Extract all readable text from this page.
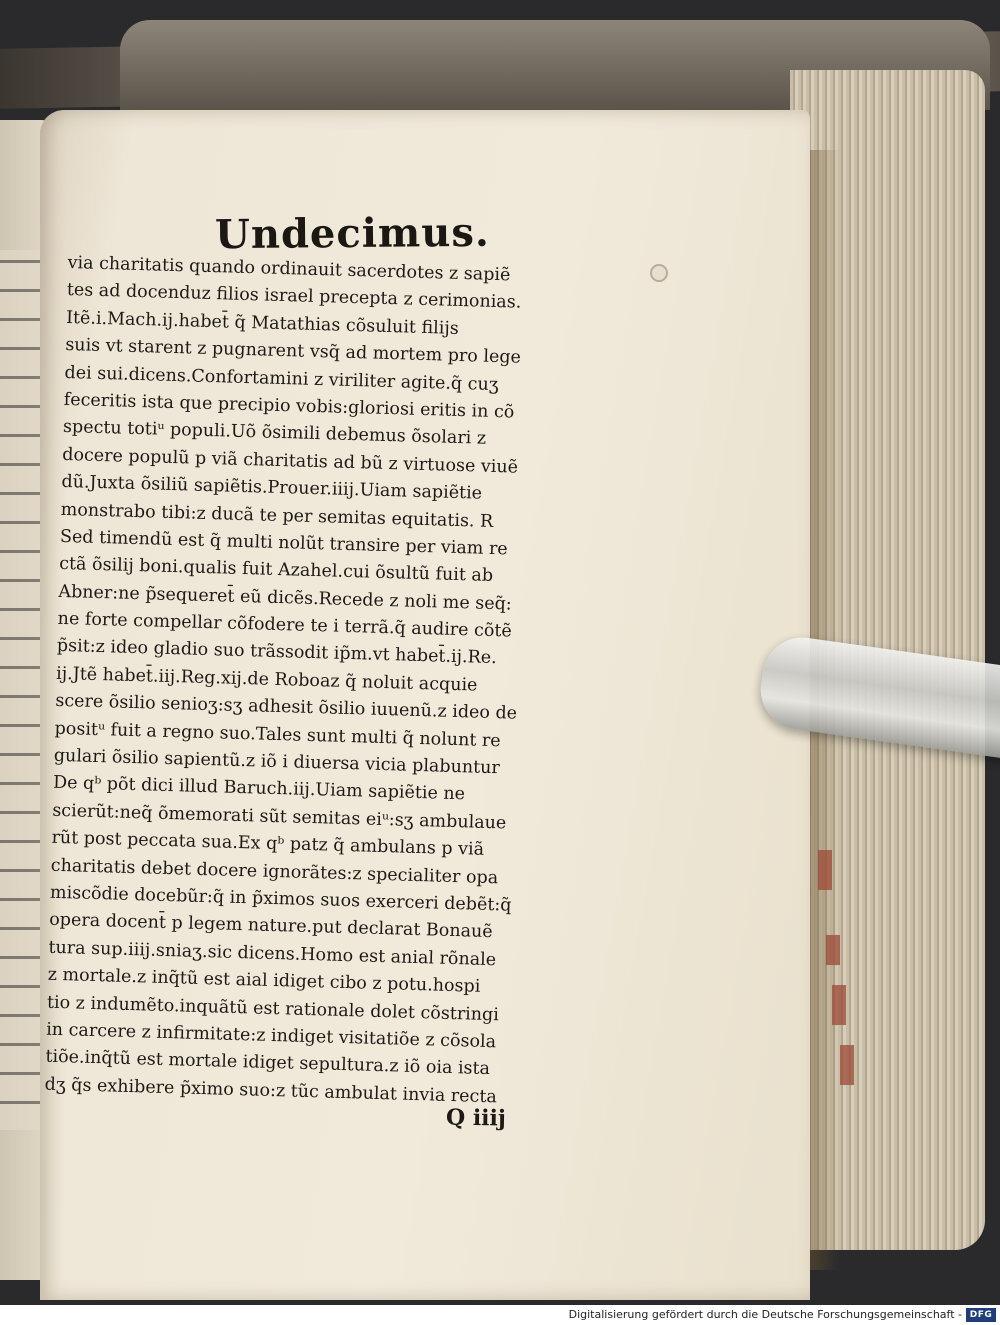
Undecimus.
via charitatis quando ordinauit sacerdotes z sapiẽ
tes ad docenduz filios israel precepta z cerimonias.
Itẽ.i.Mach.ij.habet̄ q̃ Matathias cõsuluit filijs
suis vt starent z pugnarent vsq̃ ad mortem pro lege
dei sui.dicens.Confortamini z viriliter agite.q̃ cuʒ
feceritis ista que precipio vobis:gloriosi eritis in cõ
spectu totiᵘ populi.Uõ õsimili debemus õsolari z
docere populũ p viã charitatis ad bũ z virtuose viuẽ
dũ.Juxta õsiliũ sapiẽtis.Prouer.iiij.Uiam sapiẽtie
monstrabo tibi:z ducã te per semitas equitatis. R
Sed timendũ est q̃ multi nolũt transire per viam re
ctã õsilij boni.qualis fuit Azahel.cui õsultũ fuit ab
Abner:ne p̃sequeret̄ eũ dicẽs.Recede z noli me seq̃:
ne forte compellar cõfodere te i terrã.q̃ audire cõtẽ
p̃sit:z ideo gladio suo trãssodit ip̃m.vt habet̄.ij.Re.
ij.Jtẽ habet̄.iij.Reg.xij.de Roboaz q̃ noluit acquie
scere õsilio senioʒ:sʒ adhesit õsilio iuuenũ.z ideo de
positᵘ fuit a regno suo.Tales sunt multi q̃ nolunt re
gulari õsilio sapientũ.z iõ i diuersa vicia plabuntur
De qᵇ põt dici illud Baruch.iij.Uiam sapiẽtie ne
scierũt:neq̃ õmemorati sũt semitas eiᵘ:sʒ ambulaue
rũt post peccata sua.Ex qᵇ patz q̃ ambulans p viã
charitatis debet docere ignorãtes:z specialiter opa
miscõdie docebũr:q̃ in p̃ximos suos exerceri debẽt:q̃
opera docent̄ p legem nature.put declarat Bonauẽ
tura sup.iiij.sniaʒ.sic dicens.Homo est anial rõnale
z mortale.z inq̃tũ est aial idiget cibo z potu.hospi
tio z indumẽto.inquãtũ est rationale dolet cõstringi
in carcere z infirmitate:z indiget visitatiõe z cõsola
tiõe.inq̃tũ est mortale idiget sepultura.z iõ oia ista
dʒ q̃s exhibere p̃ximo suo:z tũc ambulat invia recta
Q iiij
Digitalisierung gefördert durch die Deutsche Forschungsgemeinschaft - DFG
